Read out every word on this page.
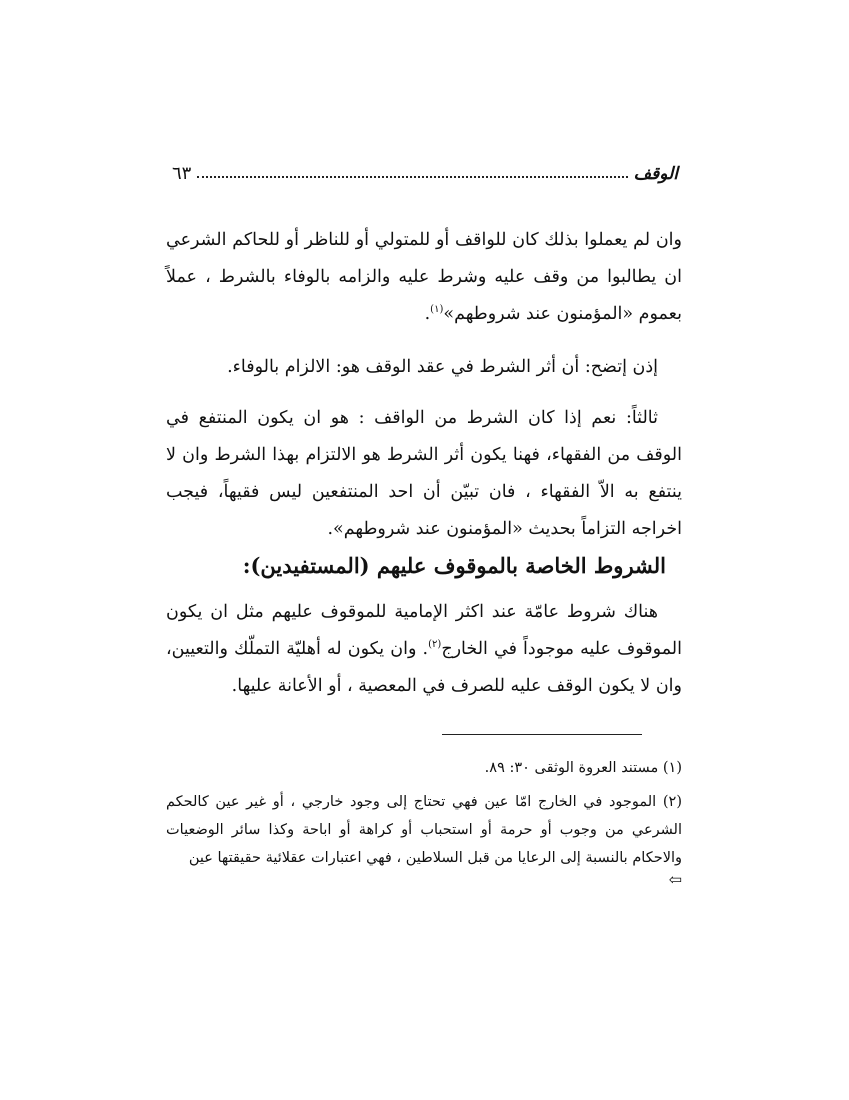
الوقف
٦٣

وان لم يعملوا بذلك كان للواقف أو للمتولي أو للناظر أو للحاكم الشرعي ان يطالبوا من وقف عليه وشرط عليه والزامه بالوفاء بالشرط ، عملاً بعموم «المؤمنون عند شروطهم»$^{(١)}$.

إذن إتضح: أن أثر الشرط في عقد الوقف هو: الالزام بالوفاء.

ثالثاً: نعم إذا كان الشرط من الواقف : هو ان يكون المنتفع في الوقف من الفقهاء، فهنا يكون أثر الشرط هو الالتزام بهذا الشرط وان لا ينتفع به الاّ الفقهاء ، فان تبيّن أن احد المنتفعين ليس فقيهاً، فيجب اخراجه التزاماً بحديث «المؤمنون عند شروطهم».

الشروط الخاصة بالموقوف عليهم (المستفيدين):

هناك شروط عامّة عند اكثر الإمامية للموقوف عليهم مثل ان يكون الموقوف عليه موجوداً في الخارج$^{(٢)}$. وان يكون له أهليّة التملّك والتعيين، وان لا يكون الوقف عليه للصرف في المعصية ، أو الأعانة عليها.

(١) مستند العروة الوثقى ٣٠: ٨٩.

(٢) الموجود في الخارج امّا عين فهي تحتاج إلى وجود خارجي ، أو غير عين كالحكم الشرعي من وجوب أو حرمة أو استحباب أو كراهة أو اباحة وكذا سائر الوضعيات والاحكام بالنسبة إلى الرعايا من قبل السلاطين ، فهي اعتبارات عقلائية حقيقتها عين

⇦
